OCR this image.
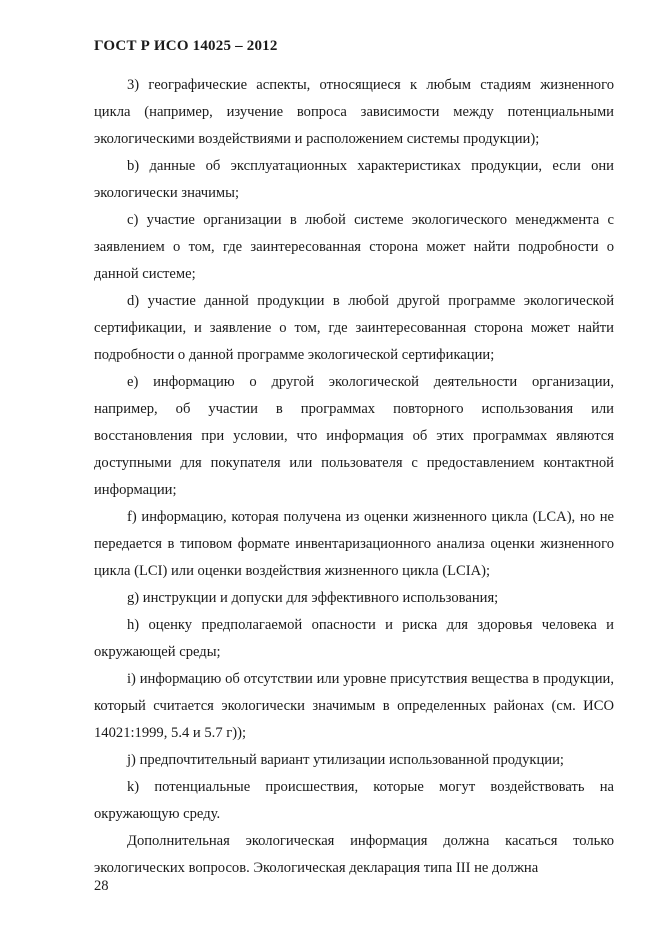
ГОСТ Р ИСО 14025 – 2012

3) географические аспекты, относящиеся к любым стадиям жизненного цикла (например, изучение вопроса зависимости между потенциальными экологическими воздействиями и расположением системы продукции);

b) данные об эксплуатационных характеристиках продукции, если они экологически значимы;

c) участие организации в любой системе экологического менеджмента с заявлением о том, где заинтересованная сторона может найти подробности о данной системе;

d) участие данной продукции в любой другой программе экологической сертификации, и заявление о том, где заинтересованная сторона может найти подробности о данной программе экологической сертификации;

e) информацию о другой экологической деятельности организации, например, об участии в программах повторного использования или восстановления при условии, что информация об этих программах являются доступными для покупателя или пользователя с предоставлением контактной информации;

f) информацию, которая получена из оценки жизненного цикла (LCA), но не передается в типовом формате инвентаризационного анализа оценки жизненного цикла (LCI) или оценки воздействия жизненного цикла (LCIA);

g) инструкции и допуски для эффективного использования;

h) оценку предполагаемой опасности и риска для здоровья человека и окружающей среды;

i) информацию об отсутствии или уровне присутствия вещества в продукции, который считается экологически значимым в определенных районах (см. ИСО 14021:1999, 5.4 и 5.7 г));

j) предпочтительный вариант утилизации использованной продукции;

k) потенциальные происшествия, которые могут воздействовать на окружающую среду.

Дополнительная экологическая информация должна касаться только экологических вопросов. Экологическая декларация типа III не должна

28
